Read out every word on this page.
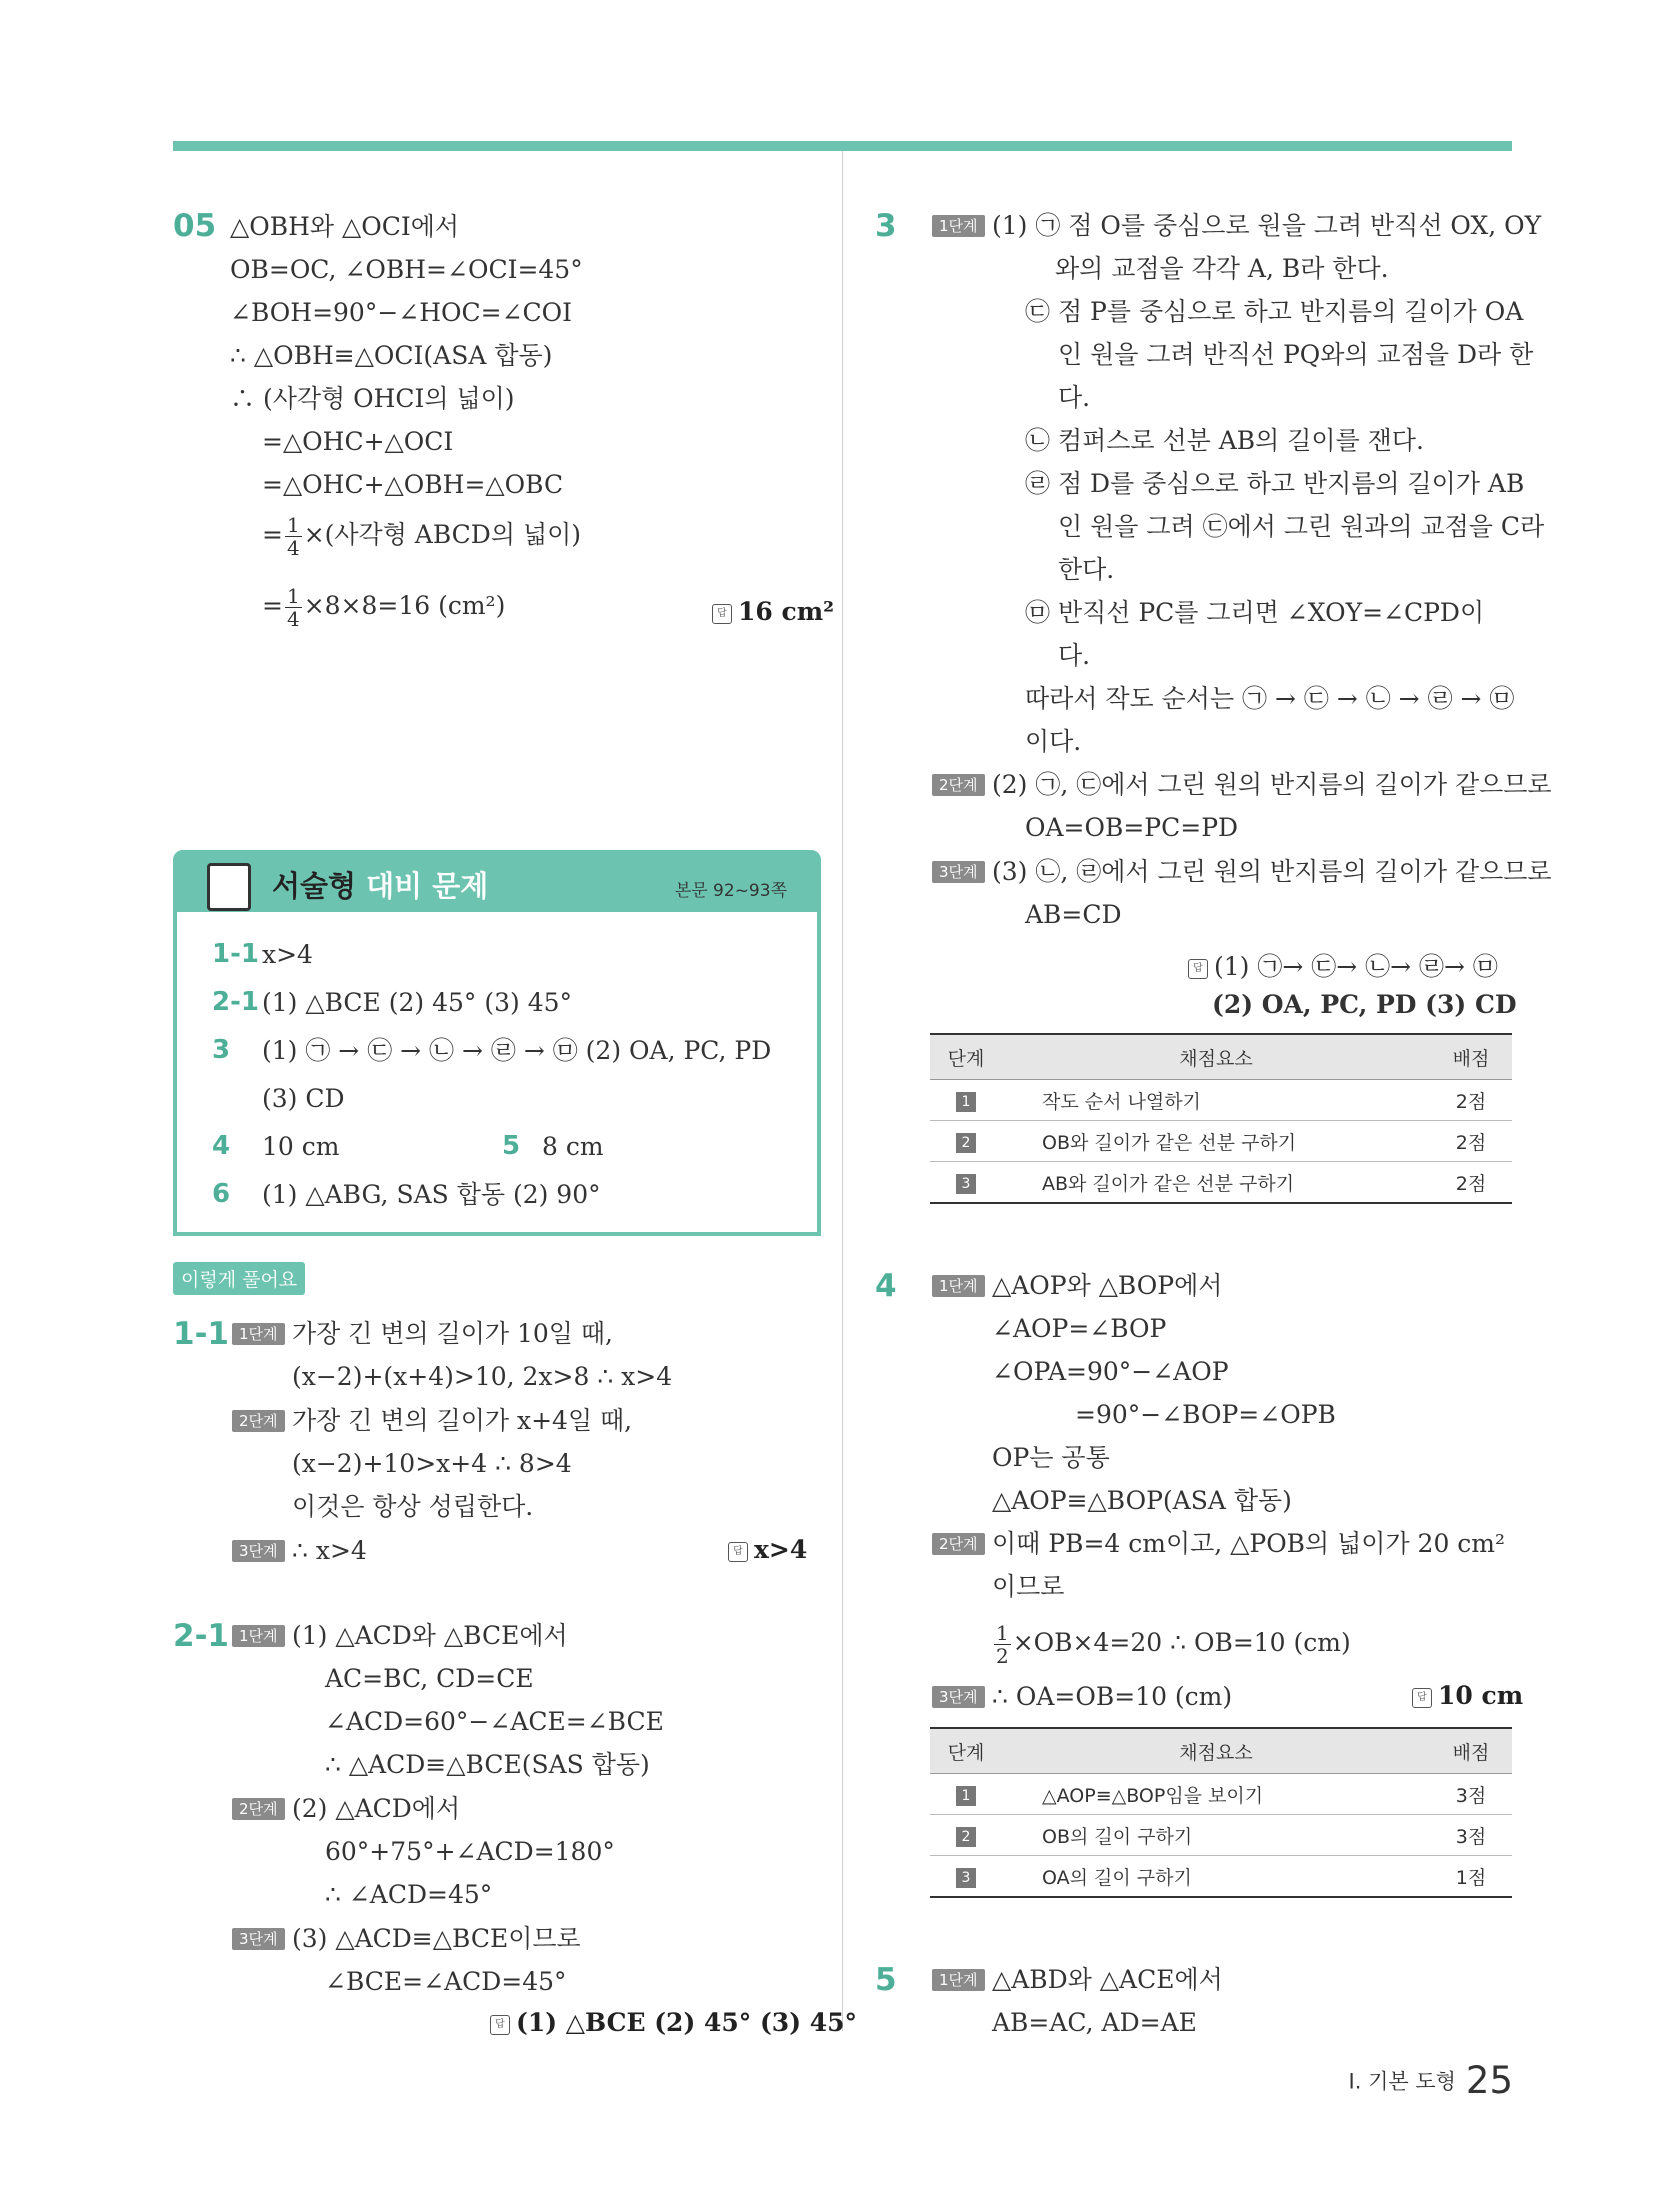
05 △OBH와 △OCI에서
OB=OC, ∠OBH=∠OCI=45°
∠BOH=90°−∠HOC=∠COI
∴ △OBH≡△OCI(ASA 합동)
∴ (사각형 OHCI의 넓이)
=△OHC+△OCI
=△OHC+△OBH=△OBC
= $\frac{1}{4}$ ×(사각형 ABCD의 넓이)
= $\frac{1}{4} \times 8\times 8=16$ (cm²)	답 16 cm²
서술형 대비 문제	본문 92~93쪽
1-1 x>4
2-1 (1) △BCE (2) 45° (3) 45°
3 (1) ㉠ → ㉢ → ㉡ → ㉣ → ㉤ (2) OA, PC, PD
(3) CD
4 10 cm	5 8 cm
6 (1) △ABG, SAS 합동 (2) 90°
이렇게 풀어요
1-1 1단계 가장 긴 변의 길이가 10일 때,
(x−2)+(x+4)>10, 2x>8 ∴ x>4
2단계 가장 긴 변의 길이가 x+4일 때,
(x−2)+10>x+4 ∴ 8>4
이것은 항상 성립한다.
3단계 ∴ x>4	답 x>4
2-1 1단계 (1) △ACD와 △BCE에서
AC=BC, CD=CE
∠ACD=60°−∠ACE=∠BCE
∴ △ACD≡△BCE(SAS 합동)
2단계 (2) △ACD에서
60°+75°+∠ACD=180°
∴ ∠ACD=45°
3단계 (3) △ACD≡△BCE이므로
∠BCE=∠ACD=45°
답 (1) △BCE (2) 45° (3) 45°
3	1단계 (1) ㉠ 점 O를 중심으로 원을 그려 반직선 OX, OY
와의 교점을 각각 A, B라 한다.
㉢ 점 P를 중심으로 하고 반지름의 길이가 OA
인 원을 그려 반직선 PQ와의 교점을 D라 한
다.
㉡ 컴퍼스로 선분 AB의 길이를 잰다.
㉣ 점 D를 중심으로 하고 반지름의 길이가 AB
인 원을 그려 ㉢에서 그린 원과의 교점을 C라
한다.
㉤ 반직선 PC를 그리면 ∠XOY=∠CPD이
다.
따라서 작도 순서는 ㉠ → ㉢ → ㉡ → ㉣ → ㉤
이다.
2단계 (2) ㉠, ㉢에서 그린 원의 반지름의 길이가 같으므로
OA=OB=PC=PD
3단계 (3) ㉡, ㉣에서 그린 원의 반지름의 길이가 같으므로
AB=CD
답 (1) ㉠→ ㉢→ ㉡→ ㉣→ ㉤
(2) OA, PC, PD (3) CD
단계	채점요소	배점
1	작도 순서 나열하기	2점
2	OB와 길이가 같은 선분 구하기	2점
3	AB와 길이가 같은 선분 구하기	2점
4	1단계 △AOP와 △BOP에서
∠AOP=∠BOP
∠OPA=90°−∠AOP
=90°−∠BOP=∠OPB
OP는 공통
△AOP≡△BOP(ASA 합동)
2단계 이때 PB=4 cm이고, △POB의 넓이가 20 cm²
이므로
$\frac{1}{2} \times OB\times 4=20$ ∴ OB=10 (cm)
3단계 ∴ OA=OB=10 (cm)	답 10 cm
단계	채점요소	배점
1	△AOP≡△BOP임을 보이기	3점
2	OB의 길이 구하기	3점
3	OA의 길이 구하기	1점
5	1단계 △ABD와 △ACE에서
AB=AC, AD=AE
I. 기본 도형 25
